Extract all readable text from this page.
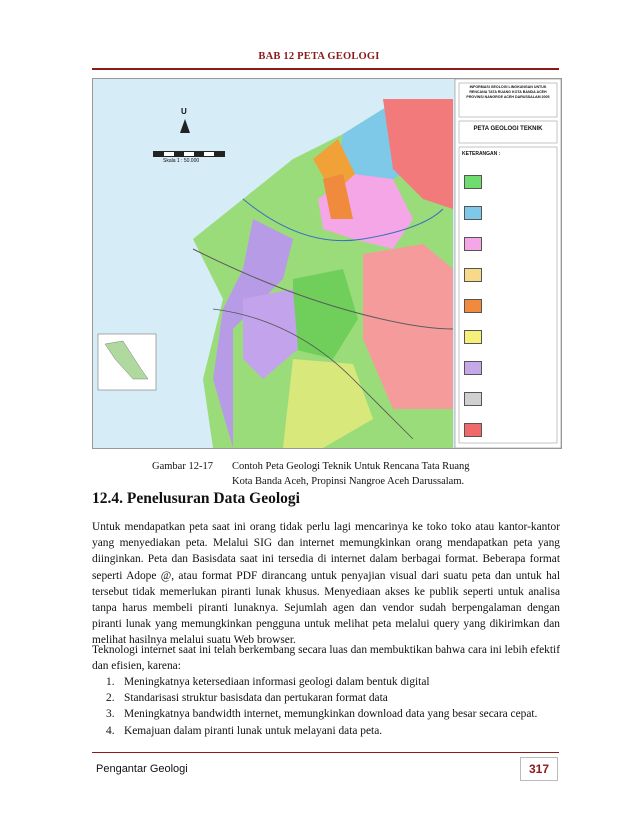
BAB 12 PETA GEOLOGI
PETA GEOLOGI TEKNIK
INFORMASI GEOLOGI LINGKUNGAN UNTUK RENCANA TATA RUANG KOTA BANDA ACEH PROVINSI NANGROE ACEH DARUSSALAM 2005
KETERANGAN :
U
Skala 1 : 50.000
Gambar 12-17 Contoh Peta Geologi Teknik Untuk Rencana Tata Ruang
Kota Banda Aceh, Propinsi Nangroe Aceh Darussalam.
12.4. Penelusuran Data Geologi

Untuk mendapatkan peta saat ini orang tidak perlu lagi mencarinya ke toko toko atau kantor-kantor yang menyediakan peta. Melalui SIG dan internet memungkinkan orang mendapatkan peta yang diinginkan. Peta dan Basisdata saat ini tersedia di internet dalam berbagai format. Beberapa format seperti Adope @, atau format PDF dirancang untuk penyajian visual dari suatu peta dan untuk hal tersebut tidak memerlukan piranti lunak khusus. Menyediaan akses ke publik seperti untuk analisa tanpa harus membeli piranti lunaknya. Sejumlah agen dan vendor sudah berpengalaman dengan piranti lunak yang memungkinkan pengguna untuk melihat peta melalui query yang dikirimkan dan melihat hasilnya melalui suatu Web browser.

Teknologi internet saat ini telah berkembang secara luas dan membuktikan bahwa cara ini lebih efektif dan efisien, karena:

1. Meningkatnya ketersediaan informasi geologi dalam bentuk digital
2. Standarisasi struktur basisdata dan pertukaran format data
3. Meningkatnya bandwidth internet, memungkinkan download data yang besar secara cepat.
4. Kemajuan dalam piranti lunak untuk melayani data peta.
Pengantar Geologi	317
